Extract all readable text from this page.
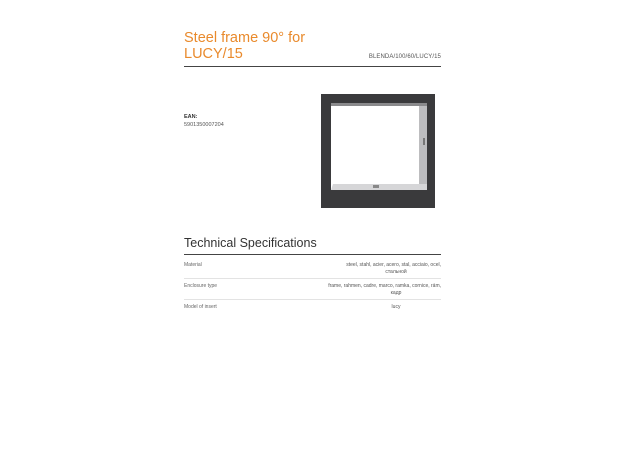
Steel frame 90° for LUCY/15	BLENDA/100/60/LUCY/15
EAN:
5901350007204
Technical Specifications
Material	steel, stahl, acier, acero, stal, acciaio, ocel,
стальной
Enclosure type	frame, rahmen, cadre, marco, ramka, cornice, rám,
кадр
Model of insert	lucy
